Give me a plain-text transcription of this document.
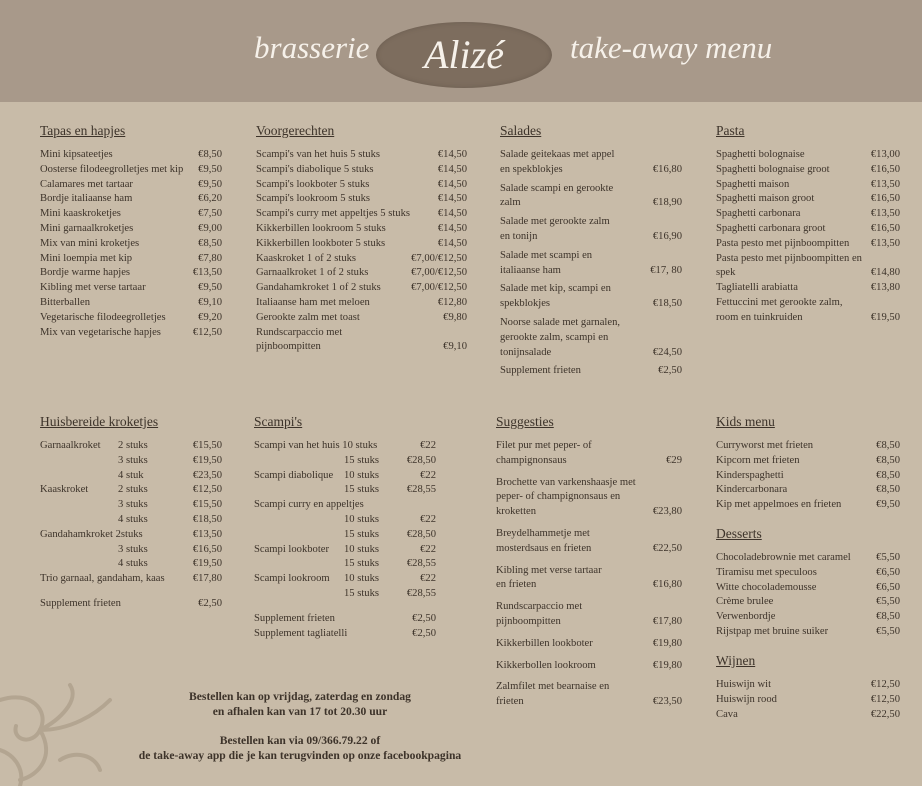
brasserie Alizé take-away menu
Tapas en hapjes
Mini kipsateetjes	€8,50
Oosterse filodeegrolletjes met kip €9,50
Calamares met tartaar	€9,50
Bordje italiaanse ham	€6,20
Mini kaaskroketjes	€7,50
Mini garnaalkroketjes	€9,00
Mix van mini kroketjes	€8,50
Mini loempia met kip	€7,80
Bordje warme hapjes	€13,50
Kibling met verse tartaar	€9,50
Bitterballen	€9,10
Vegetarische filodeegrolletjes	€9,20
Mix van vegetarische hapjes	€12,50
Voorgerechten
Scampi's van het huis 5 stuks	€14,50
Scampi's diabolique 5 stuks	€14,50
Scampi's lookboter 5 stuks	€14,50
Scampi's lookroom 5 stuks	€14,50
Scampi's curry met appeltjes 5 stuks	€14,50
Kikkerbillen lookroom 5 stuks	€14,50
Kikkerbillen lookboter 5 stuks	€14,50
Kaaskroket 1 of 2 stuks	€7,00/€12,50
Garnaalkroket 1 of 2 stuks	€7,00/€12,50
Gandahamkroket 1 of 2 stuks	€7,00/€12,50
Italiaanse ham met meloen	€12,80
Gerookte zalm met toast	€9,80
Rundscarpaccio met
pijnboompitten	€9,10
Salades
Salade geitekaas met appel
en spekblokjes	€16,80
Salade scampi en gerookte
zalm	€18,90
Salade met gerookte zalm
en tonijn	€16,90
Salade met scampi en
italiaanse ham	€17, 80
Salade met kip, scampi en
spekblokjes	€18,50
Noorse salade met garnalen,
gerookte zalm, scampi en
tonijnsalade	€24,50
Supplement frieten	€2,50
Pasta
Spaghetti bolognaise	€13,00
Spaghetti bolognaise groot	€16,50
Spaghetti maison	€13,50
Spaghetti maison groot	€16,50
Spaghetti carbonara	€13,50
Spaghetti carbonara groot	€16,50
Pasta pesto met pijnboompitten €13,50
Pasta pesto met pijnboompitten en
spek	€14,80
Tagliatelli arabiatta	€13,80
Fettuccini met gerookte zalm,
room en tuinkruiden	€19,50
Huisbereide kroketjes
Garnaalkroket 2 stuks	€15,50
3 stuks	€19,50
4 stuk	€23,50
Kaaskroket	2 stuks	€12,50
3 stuks	€15,50
4 stuks	€18,50
Gandahamkroket 2stuks	€13,50
3 stuks	€16,50
4 stuks	€19,50
Trio garnaal, gandaham, kaas	€17,80
Supplement frieten	€2,50
Scampi's
Scampi van het huis 10 stuks	€22
15 stuks	€28,50
Scampi diabolique 10 stuks	€22
15 stuks	€28,55
Scampi curry en appeltjes
10 stuks	€22
15 stuks	€28,50
Scampi lookboter 10 stuks	€22
15 stuks	€28,55
Scampi lookroom 10 stuks	€22
15 stuks	€28,55
Supplement frieten	€2,50
Supplement tagliatelli	€2,50
Suggesties
Filet pur met peper- of
champignonsaus	€29
Brochette van varkenshaasje met
peper- of champignonsaus en
kroketten	€23,80
Breydelhammetje met
mosterdsaus en frieten	€22,50
Kibling met verse tartaar
en frieten	€16,80
Rundscarpaccio met
pijnboompitten	€17,80
Kikkerbillen lookboter	€19,80
Kikkerbollen lookroom	€19,80
Zalmfilet met bearnaise en
frieten	€23,50
Kids menu
Curryworst met frieten	€8,50
Kipcorn met frieten	€8,50
Kinderspaghetti	€8,50
Kindercarbonara	€8,50
Kip met appelmoes en frieten	€9,50
Desserts
Chocoladebrownie met caramel €5,50
Tiramisu met speculoos	€6,50
Witte chocolademousse	€6,50
Crème brulee	€5,50
Verwenbordje	€8,50
Rijstpap met bruine suiker	€5,50
Wijnen
Huiswijn wit	€12,50
Huiswijn rood	€12,50
Cava	€22,50
Bestellen kan op vrijdag, zaterdag en zondag
en afhalen kan van 17 tot 20.30 uur
Bestellen kan via 09/366.79.22 of
de take-away app die je kan terugvinden op onze facebookpagina
